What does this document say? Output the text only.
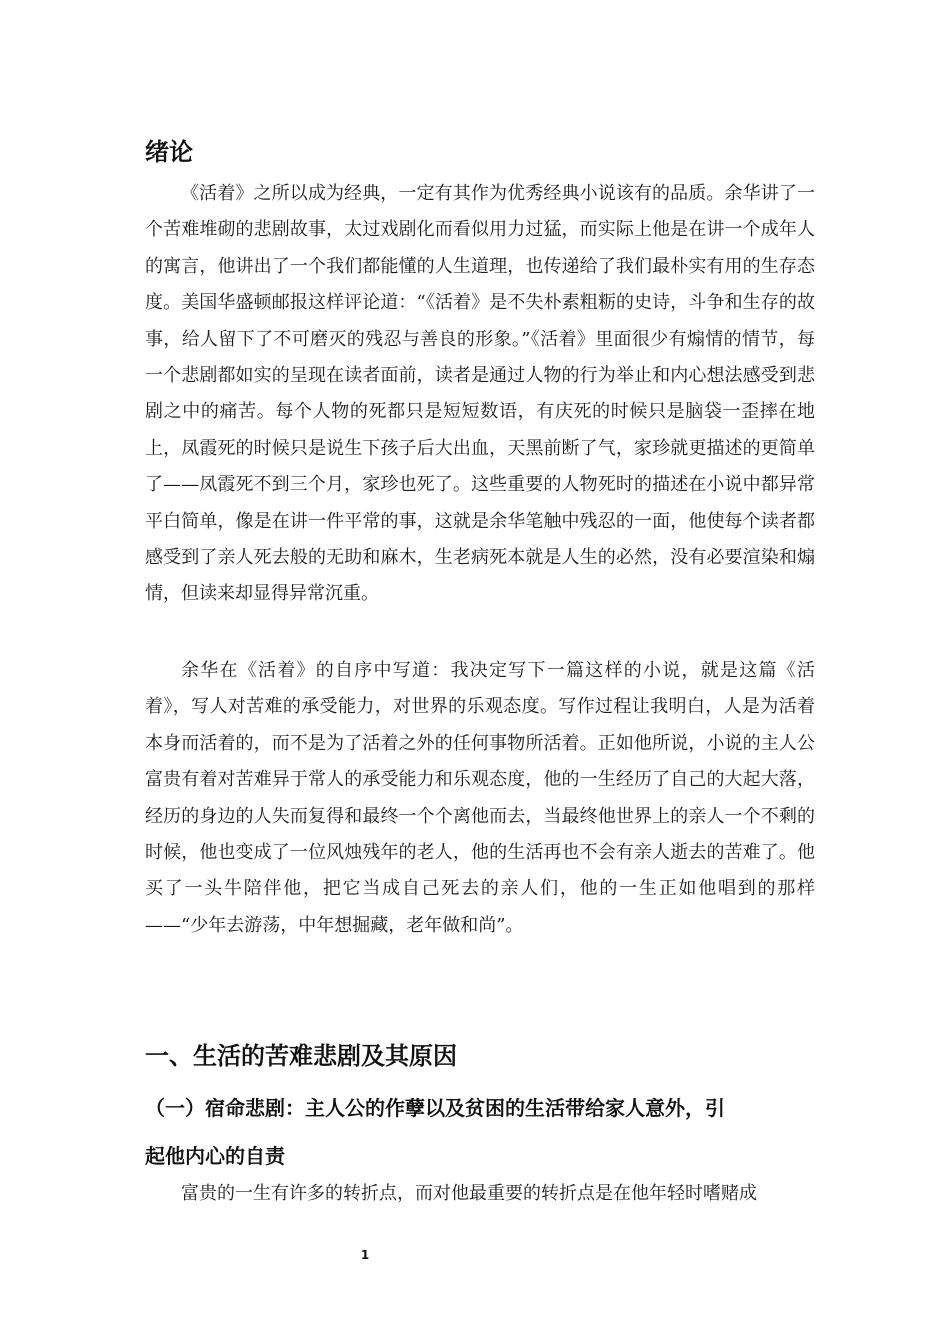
绪论

《活着》之所以成为经典，一定有其作为优秀经典小说该有的品质。余华讲了一个苦难堆砌的悲剧故事，太过戏剧化而看似用力过猛，而实际上他是在讲一个成年人的寓言，他讲出了一个我们都能懂的人生道理，也传递给了我们最朴实有用的生存态度。美国华盛顿邮报这样评论道：“《活着》是不失朴素粗粝的史诗，斗争和生存的故事，给人留下了不可磨灭的残忍与善良的形象。”《活着》里面很少有煽情的情节，每一个悲剧都如实的呈现在读者面前，读者是通过人物的行为举止和内心想法感受到悲剧之中的痛苦。每个人物的死都只是短短数语，有庆死的时候只是脑袋一歪摔在地上，凤霞死的时候只是说生下孩子后大出血，天黑前断了气，家珍就更描述的更简单了——凤霞死不到三个月，家珍也死了。这些重要的人物死时的描述在小说中都异常平白简单，像是在讲一件平常的事，这就是余华笔触中残忍的一面，他使每个读者都感受到了亲人死去般的无助和麻木，生老病死本就是人生的必然，没有必要渲染和煽情，但读来却显得异常沉重。

余华在《活着》的自序中写道：我决定写下一篇这样的小说，就是这篇《活着》，写人对苦难的承受能力，对世界的乐观态度。写作过程让我明白，人是为活着本身而活着的，而不是为了活着之外的任何事物所活着。正如他所说，小说的主人公富贵有着对苦难异于常人的承受能力和乐观态度，他的一生经历了自己的大起大落，经历的身边的人失而复得和最终一个个离他而去，当最终他世界上的亲人一个不剩的时候，他也变成了一位风烛残年的老人，他的生活再也不会有亲人逝去的苦难了。他买了一头牛陪伴他，把它当成自己死去的亲人们，他的一生正如他唱到的那样——“少年去游荡，中年想掘藏，老年做和尚”。

一、生活的苦难悲剧及其原因
（一）宿命悲剧：主人公的作孽以及贫困的生活带给家人意外，引
起他内心的自责

富贵的一生有许多的转折点，而对他最重要的转折点是在他年轻时嗜赌成

1
